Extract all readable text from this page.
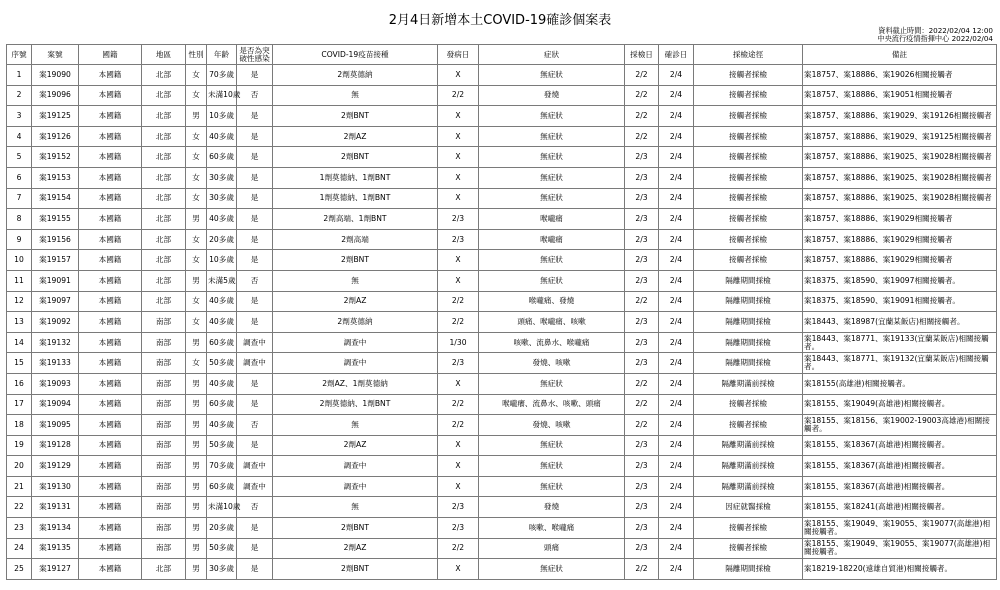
2月4日新增本土COVID-19確診個案表
資料截止時間：2022/02/04 12:00
中央流行疫情指揮中心 2022/02/04
序號	案號	國籍	地區	性別	年齡	是否為突破性感染	COVID-19疫苗接種	發病日	症狀	採檢日	確診日	採檢途徑	備註
1	案19090	本國籍	北部	女	70多歲	是	2劑莫德納	X	無症狀	2/2	2/4	接觸者採檢	案18757、案18886、案19026相關接觸者
2	案19096	本國籍	北部	女	未滿10歲	否	無	2/2	發燒	2/2	2/4	接觸者採檢	案18757、案18886、案19051相關接觸者
3	案19125	本國籍	北部	男	10多歲	是	2劑BNT	X	無症狀	2/2	2/4	接觸者採檢	案18757、案18886、案19029、案19126相關接觸者
4	案19126	本國籍	北部	女	40多歲	是	2劑AZ	X	無症狀	2/2	2/4	接觸者採檢	案18757、案18886、案19029、案19125相關接觸者
5	案19152	本國籍	北部	女	60多歲	是	2劑BNT	X	無症狀	2/3	2/4	接觸者採檢	案18757、案18886、案19025、案19028相關接觸者
6	案19153	本國籍	北部	女	30多歲	是	1劑莫德納、1劑BNT	X	無症狀	2/3	2/4	接觸者採檢	案18757、案18886、案19025、案19028相關接觸者
7	案19154	本國籍	北部	女	30多歲	是	1劑莫德納、1劑BNT	X	無症狀	2/3	2/4	接觸者採檢	案18757、案18886、案19025、案19028相關接觸者
8	案19155	本國籍	北部	男	40多歲	是	2劑高端、1劑BNT	2/3	喉嚨痛	2/3	2/4	接觸者採檢	案18757、案18886、案19029相關接觸者
9	案19156	本國籍	北部	女	20多歲	是	2劑高端	2/3	喉嚨痛	2/3	2/4	接觸者採檢	案18757、案18886、案19029相關接觸者
10	案19157	本國籍	北部	女	10多歲	是	2劑BNT	X	無症狀	2/3	2/4	接觸者採檢	案18757、案18886、案19029相關接觸者
11	案19091	本國籍	北部	男	未滿5歲	否	無	X	無症狀	2/3	2/4	隔離期間採檢	案18375、案18590、案19097相關接觸者。
12	案19097	本國籍	北部	女	40多歲	是	2劑AZ	2/2	喉嚨痛、發燒	2/2	2/4	隔離期間採檢	案18375、案18590、案19091相關接觸者。
13	案19092	本國籍	南部	女	40多歲	是	2劑莫德納	2/2	頭痛、喉嚨痛、咳嗽	2/3	2/4	隔離期間採檢	案18443、案18987(宜蘭某飯店)相關接觸者。
14	案19132	本國籍	南部	男	60多歲	調查中	調查中	1/30	咳嗽、流鼻水、喉嚨痛	2/3	2/4	隔離期間採檢	案18443、案18771、案19133(宜蘭某飯店)相關接觸者。
15	案19133	本國籍	南部	女	50多歲	調查中	調查中	2/3	發燒、咳嗽	2/3	2/4	隔離期間採檢	案18443、案18771、案19132(宜蘭某飯店)相關接觸者。
16	案19093	本國籍	南部	男	40多歲	是	2劑AZ、1劑莫德納	X	無症狀	2/2	2/4	隔離期滿前採檢	案18155(高雄港)相關接觸者。
17	案19094	本國籍	南部	男	60多歲	是	2劑莫德納、1劑BNT	2/2	喉嚨癢、流鼻水、咳嗽、頭痛	2/2	2/4	接觸者採檢	案18155、案19049(高雄港)相關接觸者。
18	案19095	本國籍	南部	男	40多歲	否	無	2/2	發燒、咳嗽	2/2	2/4	接觸者採檢	案18155、案18156、案19002-19003高雄港)相關接觸者。
19	案19128	本國籍	南部	男	50多歲	是	2劑AZ	X	無症狀	2/3	2/4	隔離期滿前採檢	案18155、案18367(高雄港)相關接觸者。
20	案19129	本國籍	南部	男	70多歲	調查中	調查中	X	無症狀	2/3	2/4	隔離期滿前採檢	案18155、案18367(高雄港)相關接觸者。
21	案19130	本國籍	南部	男	60多歲	調查中	調查中	X	無症狀	2/3	2/4	隔離期滿前採檢	案18155、案18367(高雄港)相關接觸者。
22	案19131	本國籍	南部	男	未滿10歲	否	無	2/3	發燒	2/3	2/4	因症就醫採檢	案18155、案18241(高雄港)相關接觸者。
23	案19134	本國籍	南部	男	20多歲	是	2劑BNT	2/3	咳嗽、喉嚨痛	2/3	2/4	接觸者採檢	案18155、案19049、案19055、案19077(高雄港)相關接觸者。
24	案19135	本國籍	南部	男	50多歲	是	2劑AZ	2/2	頭痛	2/3	2/4	接觸者採檢	案18155、案19049、案19055、案19077(高雄港)相關接觸者。
25	案19127	本國籍	北部	男	30多歲	是	2劑BNT	X	無症狀	2/2	2/4	隔離期間採檢	案18219-18220(遠雄自貿港)相關接觸者。
